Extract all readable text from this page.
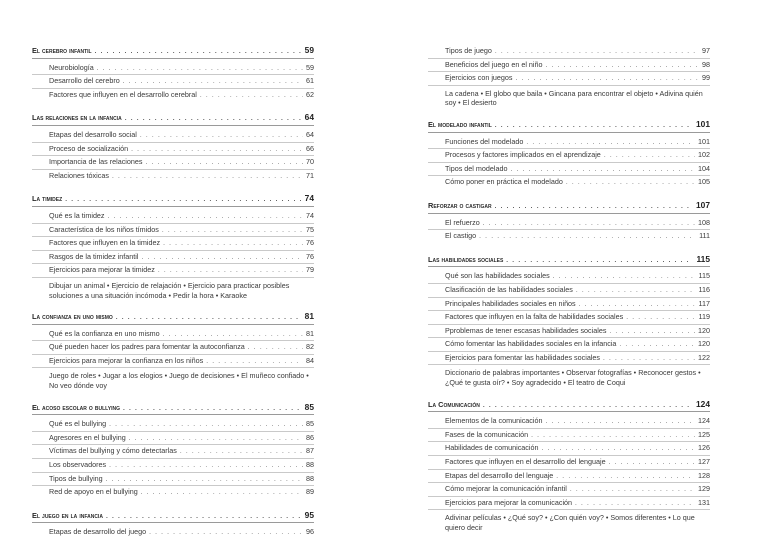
El cerebro infantil . . .	59
Neurobiología . . .	59
Desarrollo del cerebro . . .	61
Factores que influyen en el desarrollo cerebral . . .	62
Las relaciones en la infancia . . .	64
Etapas del desarrollo social . . .	64
Proceso de socialización . . .	66
Importancia de las relaciones . . .	70
Relaciones tóxicas . . .	71
La timidez . . .	74
Qué es la timidez . . .	74
Característica de los niños tímidos . . .	75
Factores que influyen en la timidez . . .	76
Rasgos de la timidez infantil . . .	76
Ejercicios para mejorar la timidez . . .	79
Dibujar un animal • Ejercicio de relajación • Ejercicio para practicar posibles soluciones a una situación incómoda • Pedir la hora • Karaoke
La confianza en uno mismo . . .	81
Qué es la confianza en uno mismo . . .	81
Qué pueden hacer los padres para fomentar la autoconfianza . . .	82
Ejercicios para mejorar la confianza en los niños . . .	84
Juego de roles • Jugar a los elogios • Juego de decisiones • El muñeco confiado • No veo dónde voy
El acoso escolar o bullying . . .	85
Qué es el bullying . . .	85
Agresores en el bullying . . .	86
Víctimas del bullying y cómo detectarlas . . .	87
Los observadores . . .	88
Tipos de bullying . . .	88
Red de apoyo en el bullying . . .	89
El juego en la infancia . . .	95
Etapas de desarrollo del juego . . .	96
Tipos de juego . . .	97
Beneficios del juego en el niño . . .	98
Ejercicios con juegos . . .	99
La cadena • El globo que baila • Gincana para encontrar el objeto • Adivina quién soy • El desierto
El modelado infantil . . .	101
Funciones del modelado . . .	101
Procesos y factores implicados en el aprendizaje . . .	102
Tipos del modelado . . .	104
Cómo poner en práctica el modelado . . .	105
Reforzar o castigar . . .	107
El refuerzo . . .	108
El castigo . . .	111
Las habilidades sociales . . .	115
Qué son las habilidades sociales . . .	115
Clasificación de las habilidades sociales . . .	116
Principales habilidades sociales en niños . . .	117
Factores que influyen en la falta de habilidades sociales . . .	119
Pproblemas de tener escasas habilidades sociales . . .	120
Cómo fomentar las habilidades sociales en la infancia . . .	120
Ejercicios para fomentar las habilidades sociales . . .	122
Diccionario de palabras importantes • Observar fotografías • Reconocer gestos • ¿Qué te gusta oír? • Soy agradecido • El teatro de Coqui
La Comunicación . . .	124
Elementos de la comunicación . . .	124
Fases de la comunicación . . .	125
Habilidades de comunicación . . .	126
Factores que influyen en el desarrollo del lenguaje . . .	127
Etapas del desarrollo del lenguaje . . .	128
Cómo mejorar la comunicación infantil . . .	129
Ejercicios para mejorar la comunicación . . .	131
Adivinar películas • ¿Qué soy? • ¿Con quién voy? • Somos diferentes • Lo que quiero decir
